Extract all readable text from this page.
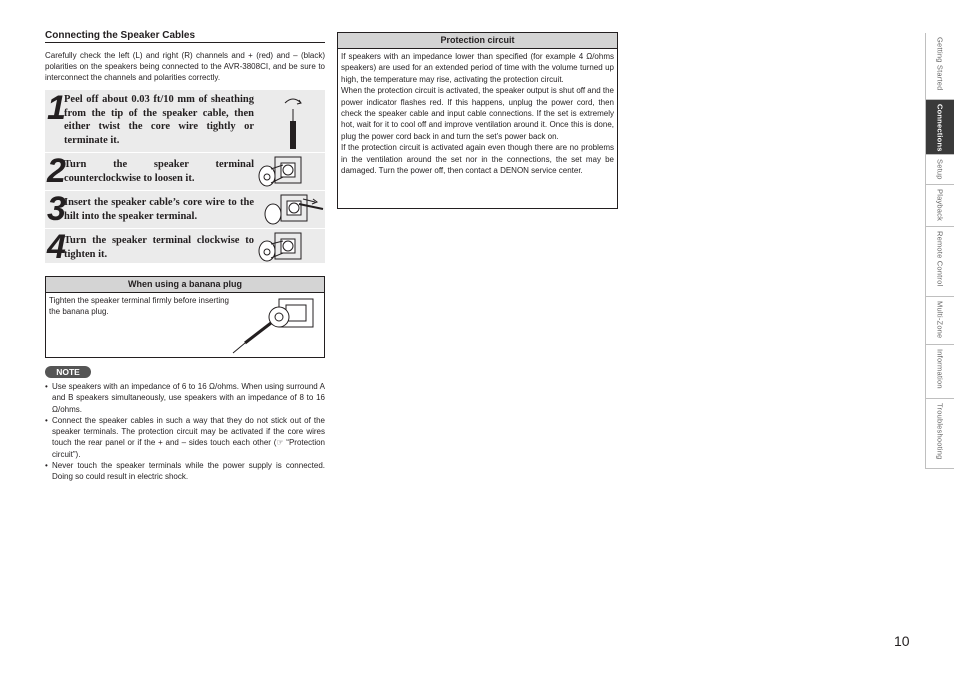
Connecting the Speaker Cables
Carefully check the left (L) and right (R) channels and + (red) and – (black) polarities on the speakers being connected to the AVR-3808CI, and be sure to interconnect the channels and polarities correctly.
1
Peel off about 0.03 ft/10 mm of sheathing from the tip of the speaker cable, then either twist the core wire tightly or terminate it.
2
Turn the speaker terminal counterclockwise to loosen it.
3
Insert the speaker cable’s core wire to the hilt into the speaker terminal.
4
Turn the speaker terminal clockwise to tighten it.
When using a banana plug
Tighten the speaker terminal firmly before inserting the banana plug.
NOTE
• Use speakers with an impedance of 6 to 16 Ω/ohms. When using surround A and B speakers simultaneously, use speakers with an impedance of 8 to 16 Ω/ohms.
• Connect the speaker cables in such a way that they do not stick out of the speaker terminals. The protection circuit may be activated if the core wires touch the rear panel or if the + and – sides touch each other (☞ “Protection circuit”).
• Never touch the speaker terminals while the power supply is connected. Doing so could result in electric shock.
Protection circuit
If speakers with an impedance lower than specified (for example 4 Ω/ohms speakers) are used for an extended period of time with the volume turned up high, the temperature may rise, activating the protection circuit.
When the protection circuit is activated, the speaker output is shut off and the power indicator flashes red. If this happens, unplug the power cord, then check the speaker cable and input cable connections. If the set is extremely hot, wait for it to cool off and improve ventilation around it. Once this is done, plug the power cord back in and turn the set’s power back on.
If the protection circuit is activated again even though there are no problems in the ventilation around the set nor in the connections, the set may be damaged. Turn the power off, then contact a DENON service center.
Getting Started
Connections
Setup
Playback
Remote Control
Multi-Zone
Information
Troubleshooting
10
